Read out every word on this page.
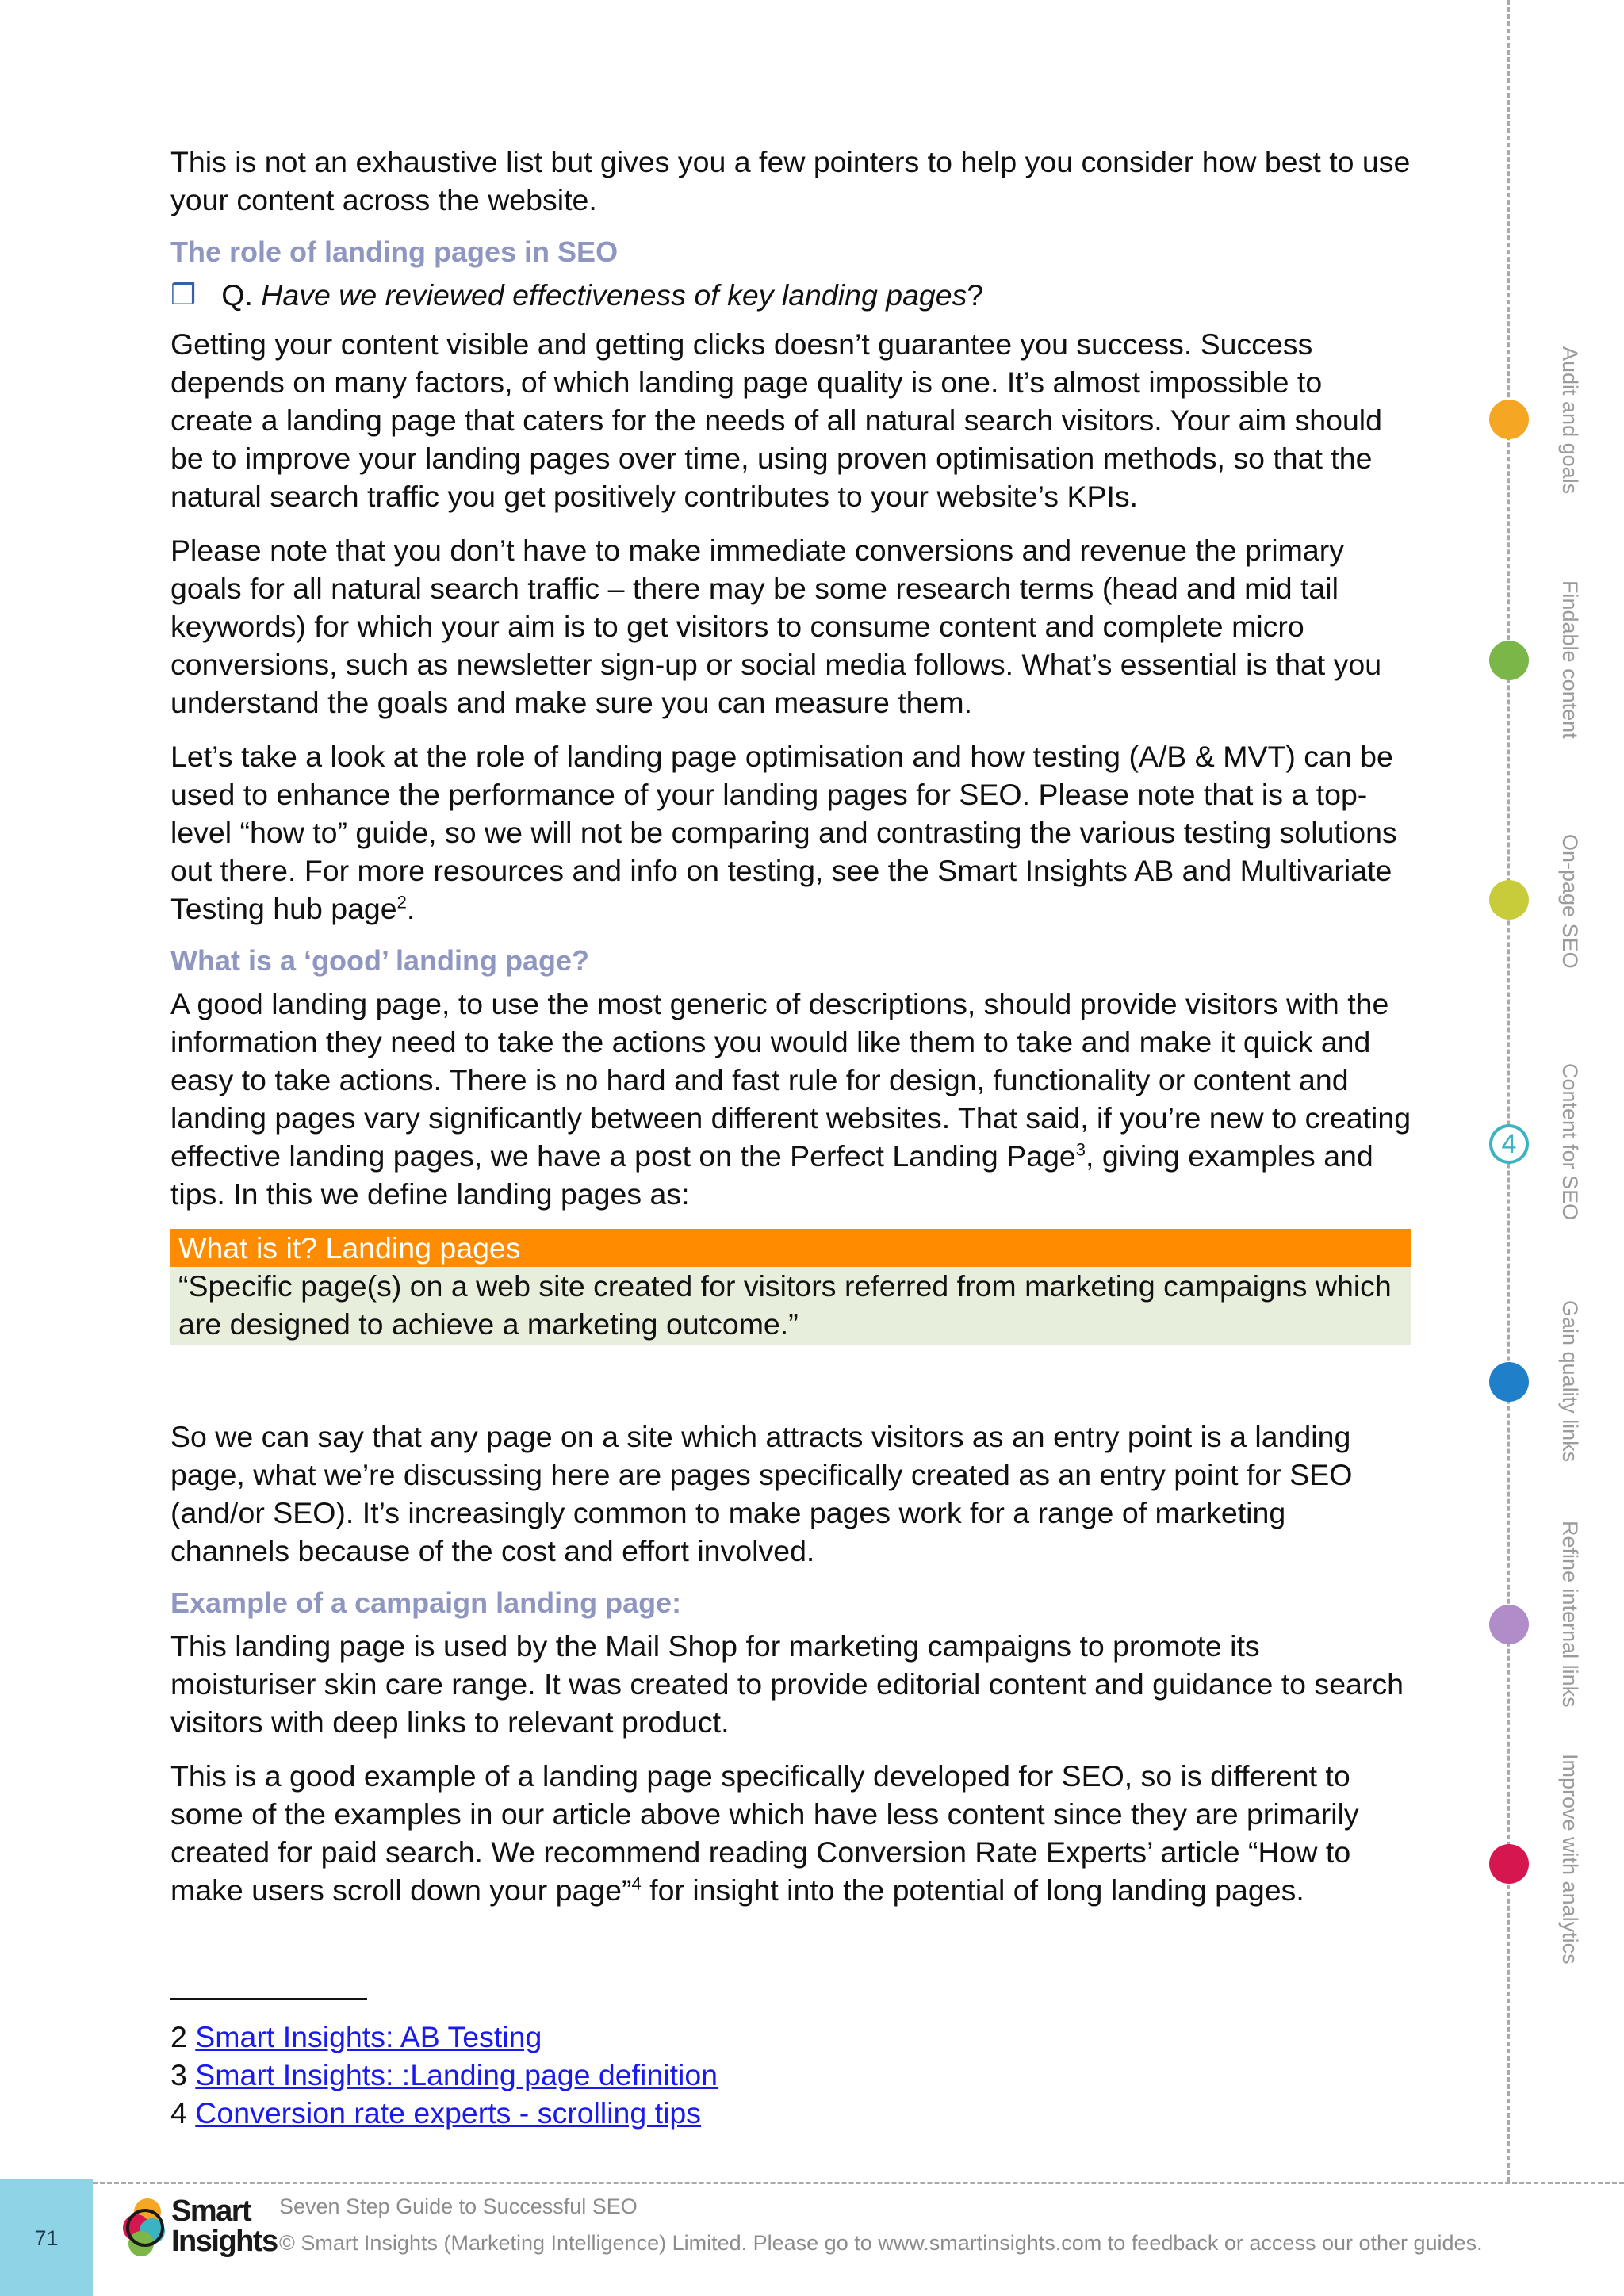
This is not an exhaustive list but gives you a few pointers to help you consider how best to use your content across the website.

The role of landing pages in SEO
❒ Q. Have we reviewed effectiveness of key landing pages?

Getting your content visible and getting clicks doesn’t guarantee you success. Success depends on many factors, of which landing page quality is one. It’s almost impossible to create a landing page that caters for the needs of all natural search visitors. Your aim should be to improve your landing pages over time, using proven optimisation methods, so that the natural search traffic you get positively contributes to your website’s KPIs.

Please note that you don’t have to make immediate conversions and revenue the primary goals for all natural search traffic – there may be some research terms (head and mid tail keywords) for which your aim is to get visitors to consume content and complete micro conversions, such as newsletter sign-up or social media follows. What’s essential is that you understand the goals and make sure you can measure them.

Let’s take a look at the role of landing page optimisation and how testing (A/B & MVT) can be used to enhance the performance of your landing pages for SEO. Please note that is a top-level “how to” guide, so we will not be comparing and contrasting the various testing solutions out there. For more resources and info on testing, see the Smart Insights AB and Multivariate Testing hub page$^2$.

What is a ‘good’ landing page?

A good landing page, to use the most generic of descriptions, should provide visitors with the information they need to take the actions you would like them to take and make it quick and easy to take actions. There is no hard and fast rule for design, functionality or content and landing pages vary significantly between different websites. That said, if you’re new to creating effective landing pages, we have a post on the Perfect Landing Page$^3$, giving examples and tips. In this we define landing pages as:

What is it? Landing pages
“Specific page(s) on a web site created for visitors referred from marketing campaigns which are designed to achieve a marketing outcome.”

So we can say that any page on a site which attracts visitors as an entry point is a landing page, what we’re discussing here are pages specifically created as an entry point for SEO (and/or SEO). It’s increasingly common to make pages work for a range of marketing channels because of the cost and effort involved.

Example of a campaign landing page:

This landing page is used by the Mail Shop for marketing campaigns to promote its moisturiser skin care range. It was created to provide editorial content and guidance to search visitors with deep links to relevant product.

This is a good example of a landing page specifically developed for SEO, so is different to some of the examples in our article above which have less content since they are primarily created for paid search. We recommend reading Conversion Rate Experts’ article “How to make users scroll down your page”$^4$ for insight into the potential of long landing pages.

2 Smart Insights: AB Testing
3 Smart Insights: :Landing page definition
4 Conversion rate experts - scrolling tips
4
Audit and goals
Findable content
On-page SEO
Content for SEO
Gain quality links
Refine internal links
Improve with analytics
71
Smart
Insights
Seven Step Guide to Successful SEO
© Smart Insights (Marketing Intelligence) Limited. Please go to www.smartinsights.com to feedback or access our other guides.
